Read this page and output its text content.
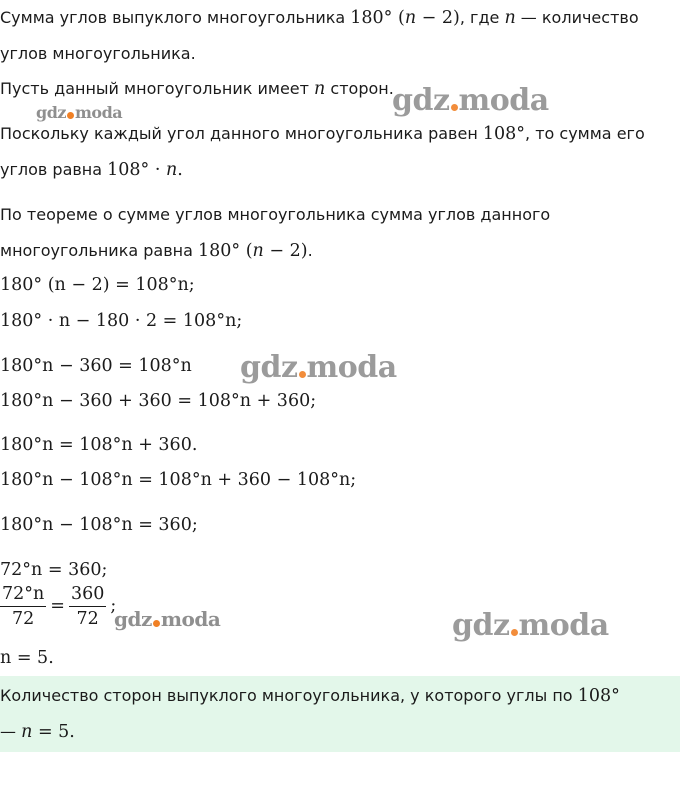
Сумма углов выпуклого многоугольника 180° (n − 2), где n — количество
углов многоугольника.
Пусть данный многоугольник имеет n сторон.
Поскольку каждый угол данного многоугольника равен 108°, то сумма его
углов равна 108° · n.
По теореме о сумме углов многоугольника сумма углов данного
многоугольника равна 180° (n − 2).
180° (n − 2) = 108°n;
180° · n − 180 · 2 = 108°n;
180°n − 360 = 108°n
180°n − 360 + 360 = 108°n + 360;
180°n = 108°n + 360.
180°n − 108°n = 108°n + 360 − 108°n;
180°n − 108°n = 360;
72°n = 360;
$\frac{72^\circ n}{72} = \frac{360}{72}$ ;
n = 5.
Количество сторон выпуклого многоугольника, у которого углы по 108°
— n = 5.
gdz moda	gdz moda
gdz moda
gdz moda	gdz moda
